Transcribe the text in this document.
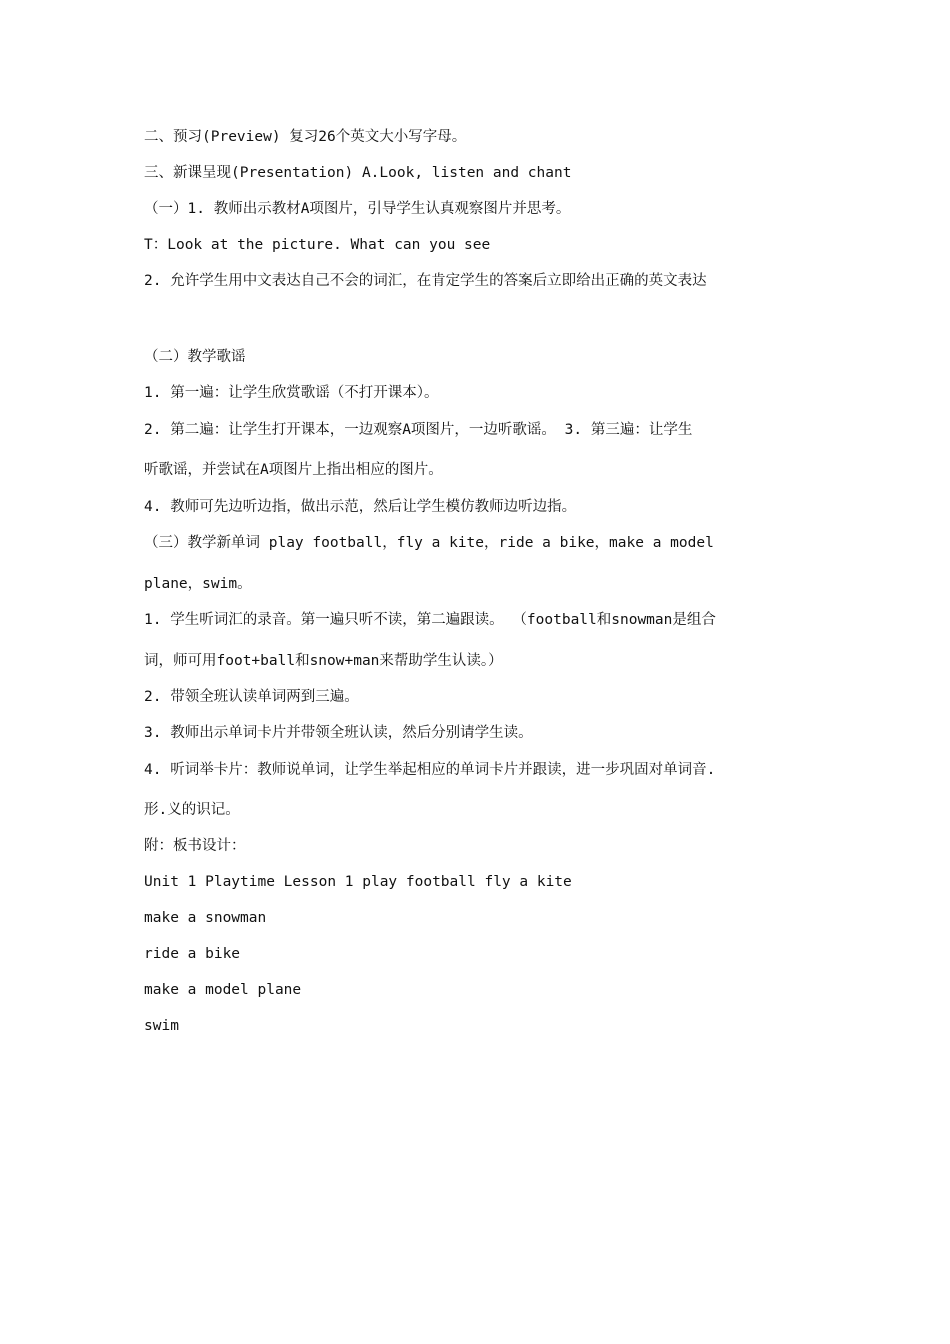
二、预习(Preview) 复习26个英文大小写字母。
三、新课呈现(Presentation) A.Look, listen and chant
（一）1. 教师出示教材A项图片，引导学生认真观察图片并思考。
T：Look at the picture. What can you see
2. 允许学生用中文表达自己不会的词汇，在肯定学生的答案后立即给出正确的英文表达
（二）教学歌谣
1. 第一遍：让学生欣赏歌谣（不打开课本）。
2. 第二遍：让学生打开课本，一边观察A项图片，一边听歌谣。 3. 第三遍：让学生
听歌谣，并尝试在A项图片上指出相应的图片。
4. 教师可先边听边指，做出示范，然后让学生模仿教师边听边指。
（三）教学新单词 play football，fly a kite，ride a bike，make a model
plane，swim。
1. 学生听词汇的录音。第一遍只听不读，第二遍跟读。 （football和snowman是组合
词，师可用foot+ball和snow+man来帮助学生认读。）
2. 带领全班认读单词两到三遍。
3. 教师出示单词卡片并带领全班认读，然后分别请学生读。
4. 听词举卡片：教师说单词，让学生举起相应的单词卡片并跟读，进一步巩固对单词音.
形.义的识记。
附：板书设计：
Unit 1 Playtime Lesson 1 play football fly a kite
make a snowman
ride a bike
make a model plane
swim
